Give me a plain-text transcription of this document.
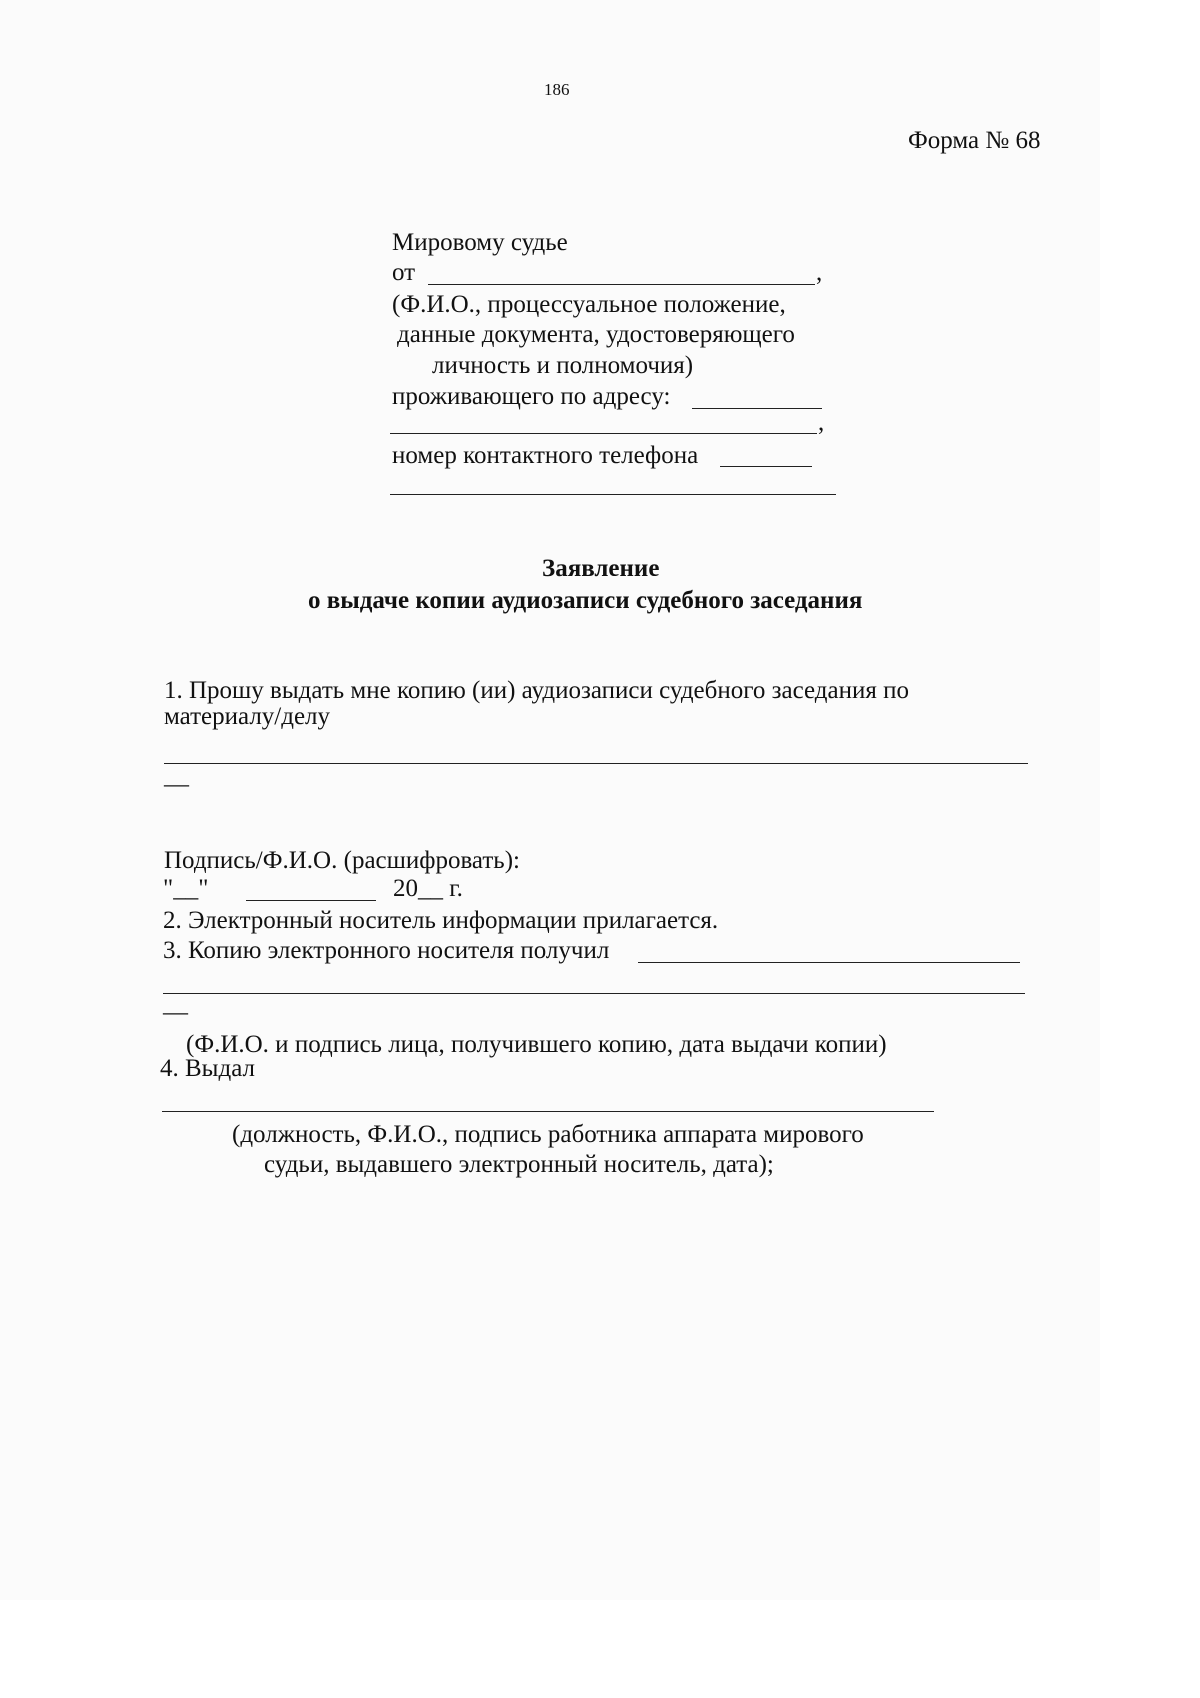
186
Форма № 68
Мировому судье
от	,
(Ф.И.О., процессуальное положение,
данные документа, удостоверяющего
личность и полномочия)
проживающего по адресу:
,
номер контактного телефона
Заявление
о выдаче копии аудиозаписи судебного заседания
1. Прошу выдать мне копию (ии) аудиозаписи судебного заседания по
материалу/делу
—
Подпись/Ф.И.О. (расшифровать):
"__"	20__ г.
2. Электронный носитель информации прилагается.
3. Копию электронного носителя получил
—
(Ф.И.О. и подпись лица, получившего копию, дата выдачи копии)
4. Выдал
(должность, Ф.И.О., подпись работника аппарата мирового
судьи, выдавшего электронный носитель, дата);
